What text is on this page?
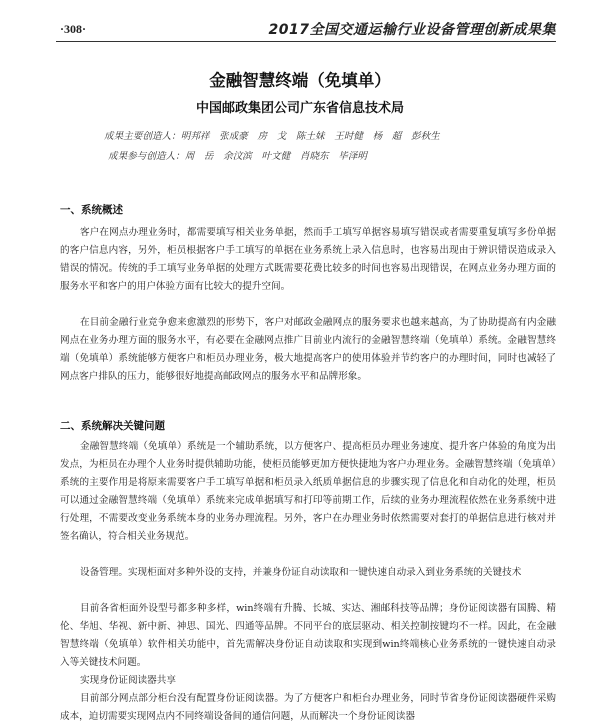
·308·	2017全国交通运输行业设备管理创新成果集
金融智慧终端（免填单）
中国邮政集团公司广东省信息技术局
成果主要创造人：明邦祥　张成豪　房　戈　陈土妹　王时健　杨　超　彭秋生
成果参与创造人：周　岳　余汶滨　叶文健　肖晓东　毕泽明
一、系统概述

客户在网点办理业务时，都需要填写相关业务单据，然而手工填写单据容易填写错误或者需要重复填写多份单据的客户信息内容，另外，柜员根据客户手工填写的单据在业务系统上录入信息时，也容易出现由于辨识错误造成录入错误的情况。传统的手工填写业务单据的处理方式既需要花费比较多的时间也容易出现错误，在网点业务办理方面的服务水平和客户的用户体验方面有比较大的提升空间。

在目前金融行业竞争愈来愈激烈的形势下，客户对邮政金融网点的服务要求也越来越高，为了协助提高有内金融网点在业务办理方面的服务水平，有必要在金融网点推广目前业内流行的金融智慧终端（免填单）系统。金融智慧终端（免填单）系统能够方便客户和柜员办理业务，极大地提高客户的使用体验并节约客户的办理时间，同时也减轻了网点客户排队的压力，能够很好地提高邮政网点的服务水平和品牌形象。

二、系统解决关键问题

金融智慧终端（免填单）系统是一个辅助系统，以方便客户、提高柜员办理业务速度、提升客户体验的角度为出发点，为柜员在办理个人业务时提供辅助功能，使柜员能够更加方便快捷地为客户办理业务。金融智慧终端（免填单）系统的主要作用是将原来需要客户手工填写单据和柜员录入纸质单据信息的步骤实现了信息化和自动化的处理，柜员可以通过金融智慧终端（免填单）系统来完成单据填写和打印等前期工作，后续的业务办理流程依然在业务系统中进行处理，不需要改变业务系统本身的业务办理流程。另外，客户在办理业务时依然需要对套打的单据信息进行核对并签名确认，符合相关业务规范。

设备管理。实现柜面对多种外设的支持，并兼身份证自动读取和一键快速自动录入到业务系统的关键技术

目前各省柜面外设型号都多种多样，win终端有升腾、长城、实达、湘邮科技等品牌；身份证阅读器有国腾、精伦、华旭、华视、新中新、神思、国光、四通等品牌。不同平台的底层驱动、相关控制按键均不一样。因此，在金融智慧终端（免填单）软件相关功能中，首先需解决身份证自动读取和实现到win终端核心业务系统的一键快速自动录入等关键技术问题。

实现身份证阅读器共享

目前部分网点部分柜台没有配置身份证阅读器。为了方便客户和柜台办理业务，同时节省身份证阅读器硬件采购成本，迫切需要实现网点内不同终端设备间的通信问题，从而解决一个身份证阅读器
